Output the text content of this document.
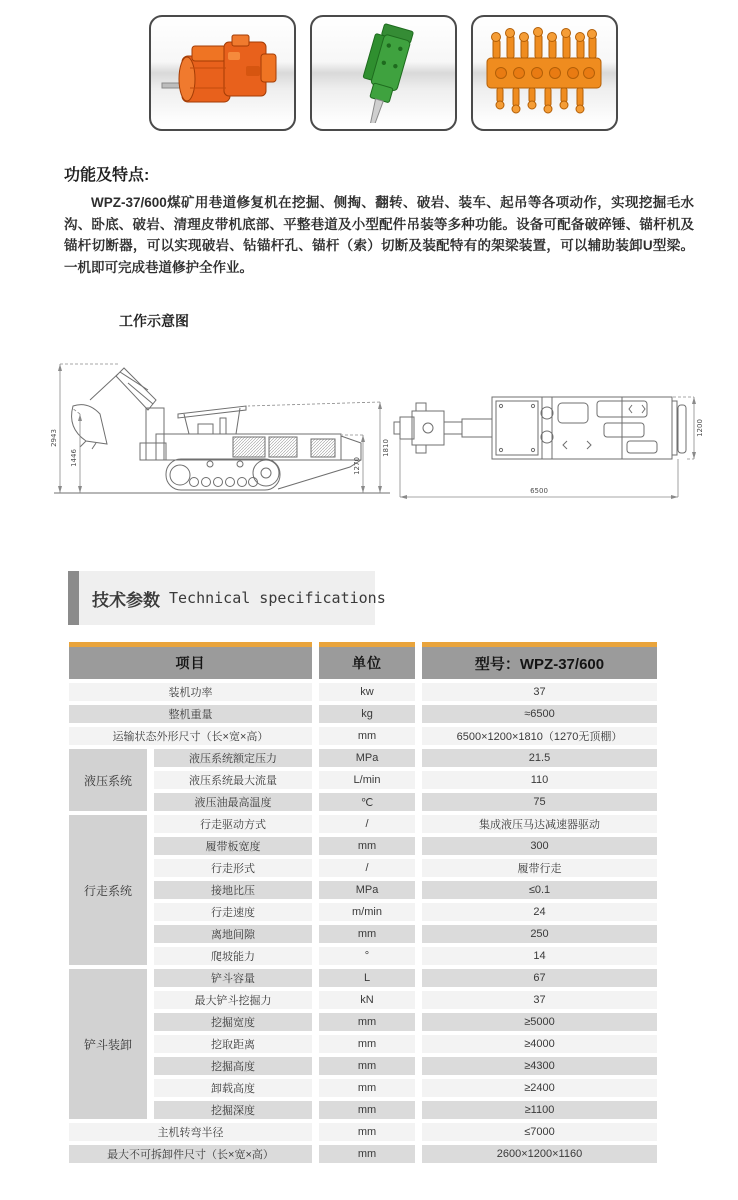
功能及特点:
WPZ-37/600煤矿用巷道修复机在挖掘、侧掏、翻转、破岩、装车、起吊等各项动作，实现挖掘毛水沟、卧底、破岩、清理皮带机底部、平整巷道及小型配件吊装等多种功能。设备可配备破碎锤、锚杆机及锚杆切断器，可以实现破岩、钻锚杆孔、锚杆（索）切断及装配特有的架梁装置，可以辅助装卸U型梁。一机即可完成巷道修护全作业。
工作示意图
2943
1446
1810
1270
6500
1200
技术参数 Technical specifications
项目		单位	型号：WPZ-37/600
装机功率		kw	37
整机重量		kg	≈6500
运输状态外形尺寸（长×宽×高）		mm	6500×1200×1810（1270无顶棚）
液压系统	液压系统额定压力	MPa	21.5
	液压系统最大流量	L/min	110
	液压油最高温度	℃	75
行走系统	行走驱动方式	/	集成液压马达减速器驱动
	履带板宽度	mm	300
	行走形式	/	履带行走
	接地比压	MPa	≤0.1
	行走速度	m/min	24
	离地间隙	mm	250
	爬坡能力	°	14
铲斗装卸	铲斗容量	L	67
	最大铲斗挖掘力	kN	37
	挖掘宽度	mm	≥5000
	挖取距离	mm	≥4000
	挖掘高度	mm	≥4300
	卸载高度	mm	≥2400
	挖掘深度	mm	≥1100
主机转弯半径		mm	≤7000
最大不可拆卸件尺寸（长×宽×高）		mm	2600×1200×1160
